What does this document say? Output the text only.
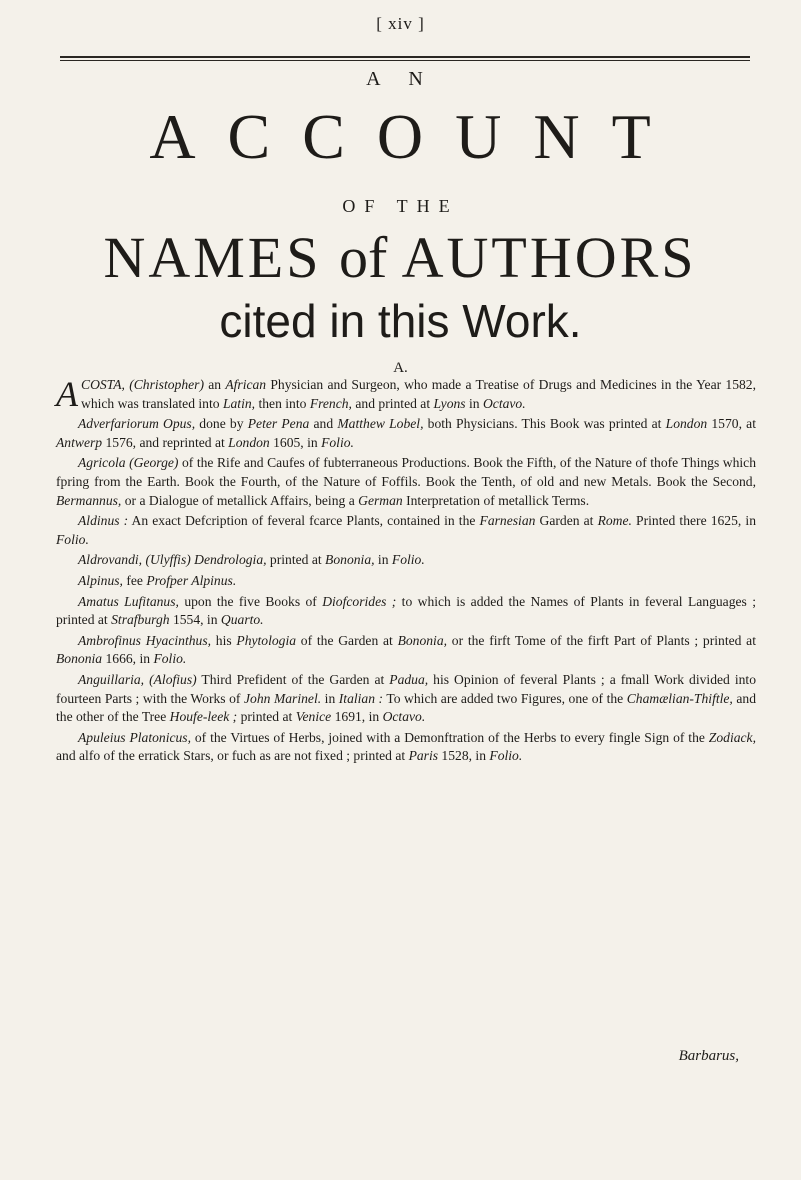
[ xiv ]
A N
ACCOUNT
OF THE
NAMES of AUTHORS
cited in this Work.
A.

ACOSTA, (Christopher) an African Physician and Surgeon, who made a Treatise of Drugs and Medicines in the Year 1582, which was translated into Latin, then into French, and printed at Lyons in Octavo.

Adverfariorum Opus, done by Peter Pena and Matthew Lobel, both Physicians. This Book was printed at London 1570, at Antwerp 1576, and reprinted at London 1605, in Folio.

Agricola (George) of the Rife and Caufes of fubterraneous Productions. Book the Fifth, of the Nature of thofe Things which fpring from the Earth. Book the Fourth, of the Nature of Foffils. Book the Tenth, of old and new Metals. Book the Second, Bermannus, or a Dialogue of metallick Affairs, being a German Interpretation of metallick Terms.

Aldinus : An exact Defcription of feveral fcarce Plants, contained in the Farnesian Garden at Rome. Printed there 1625, in Folio.

Aldrovandi, (Ulyffis) Dendrologia, printed at Bononia, in Folio.

Alpinus, fee Profper Alpinus.

Amatus Lufitanus, upon the five Books of Diofcorides ; to which is added the Names of Plants in feveral Languages ; printed at Strafburgh 1554, in Quarto.

Ambrofinus Hyacinthus, his Phytologia of the Garden at Bononia, or the firft Tome of the firft Part of Plants ; printed at Bononia 1666, in Folio.

Anguillaria, (Alofius) Third Prefident of the Garden at Padua, his Opinion of feveral Plants ; a fmall Work divided into fourteen Parts ; with the Works of John Marinel. in Italian : To which are added two Figures, one of the Chamælian-Thiftle, and the other of the Tree Houfe-leek ; printed at Venice 1691, in Octavo.

Apuleius Platonicus, of the Virtues of Herbs, joined with a Demonftration of the Herbs to every fingle Sign of the Zodiack, and alfo of the erratick Stars, or fuch as are not fixed ; printed at Paris 1528, in Folio.

Barbarus,
